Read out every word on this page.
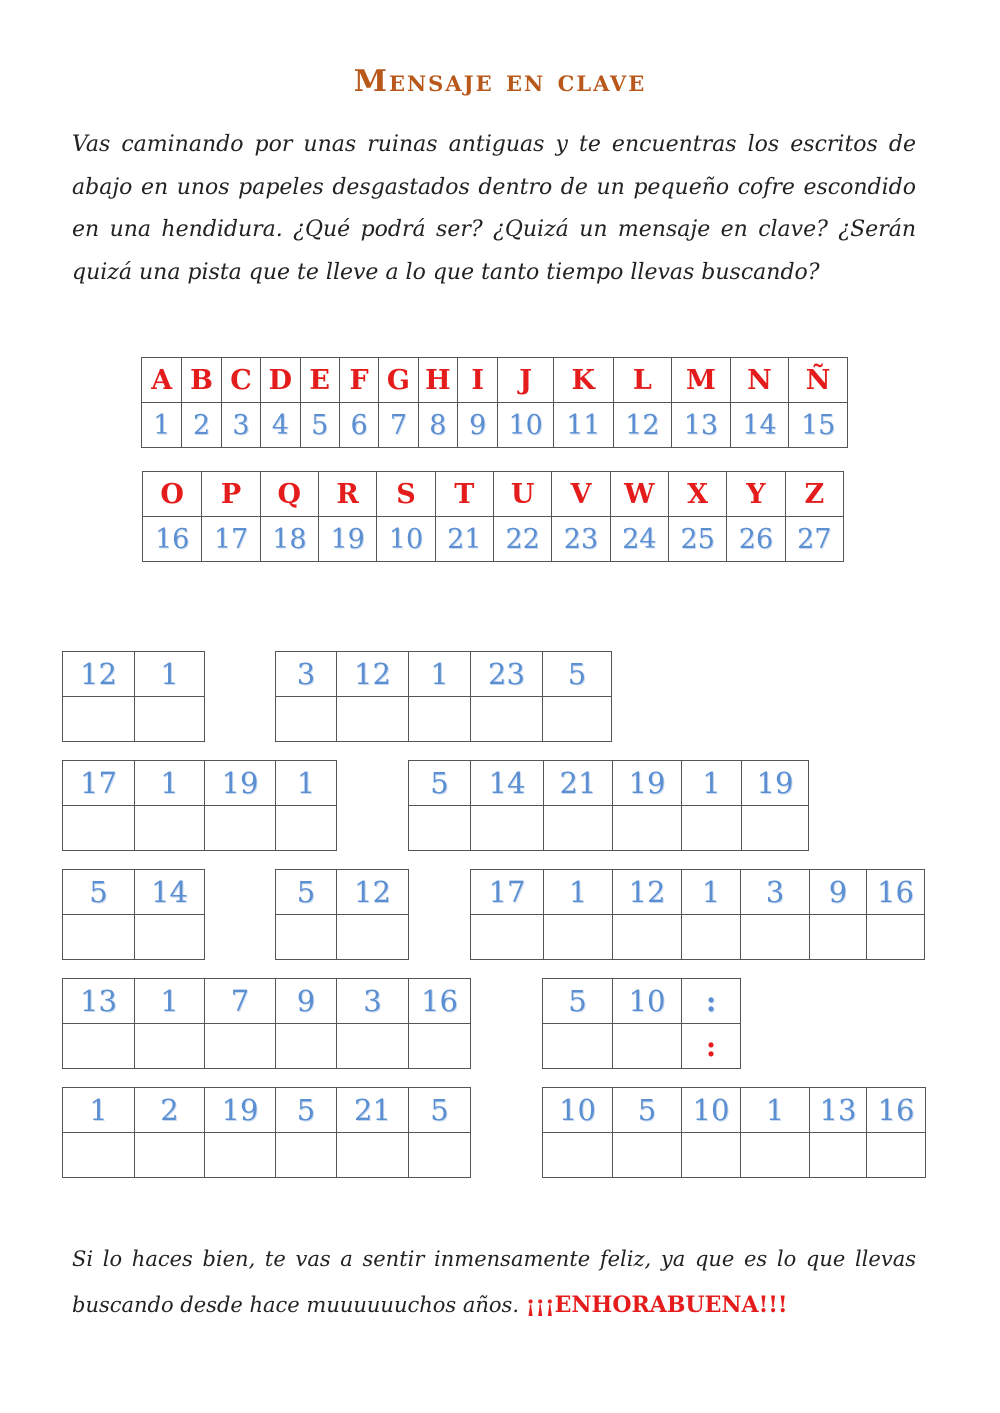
Mensaje en clave
Vas caminando por unas ruinas antiguas y te encuentras los escritos de abajo en unos papeles desgastados dentro de un pequeño cofre escondido en una hendidura. ¿Qué podrá ser? ¿Quizá un mensaje en clave? ¿Serán quizá una pista que te lleve a lo que tanto tiempo llevas buscando?
A	B	C	D	E	F	G	H	I	J	K	L	M	N	Ñ
1	2	3	4	5	6	7	8	9	10	11	12	13	14	15
O	P	Q	R	S	T	U	V	W	X	Y	Z
16	17	18	19	10	21	22	23	24	25	26	27
12	1
		3	12	1	23	5

17	1	19	1
				5	14	21	19	1	19

5	14
		5	12
		17	1	12	1	3	9	16

13	1	7	9	3	16
						5	10	:
		:
1	2	19	5	21	5
						10	5	10	1	13	16

Si lo haces bien, te vas a sentir inmensamente feliz, ya que es lo que llevas buscando desde hace muuuuuuchos años. ¡¡¡ENHORABUENA!!!
